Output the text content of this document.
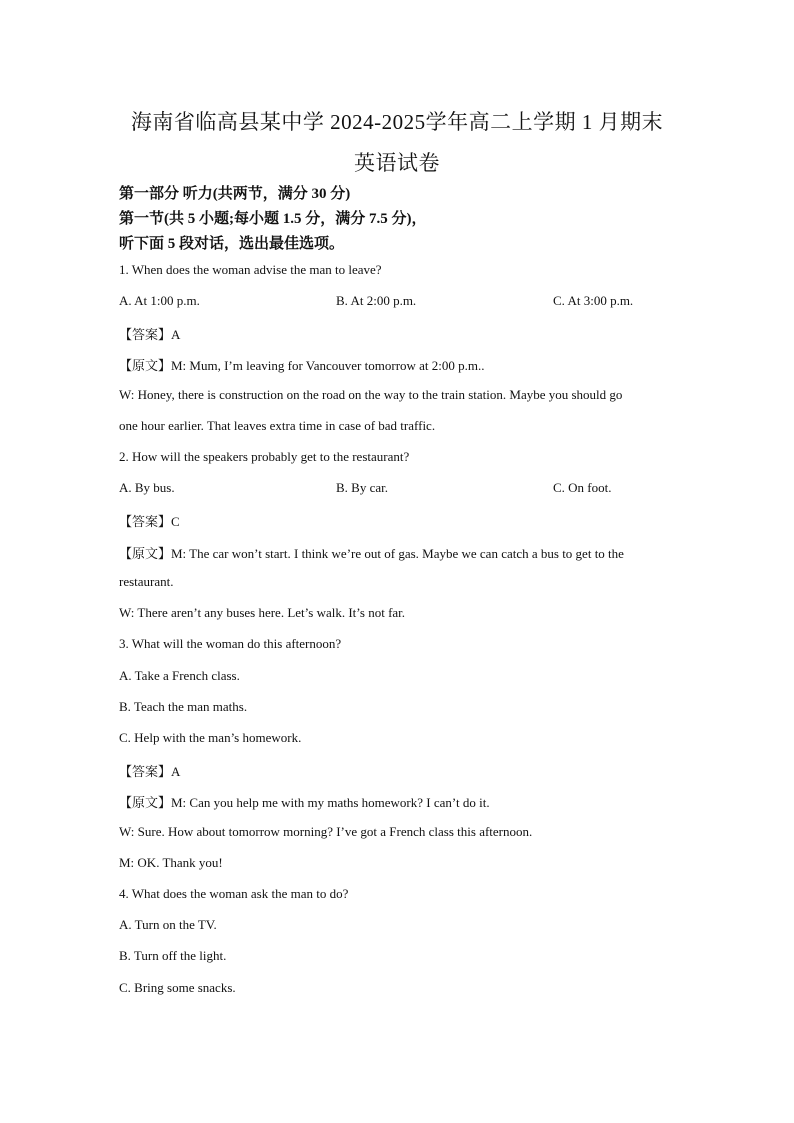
海南省临高县某中学 2024-2025学年高二上学期 1 月期末
英语试卷
第一部分 听力(共两节，满分 30 分)
第一节(共 5 小题;每小题 1.5 分，满分 7.5 分)，
听下面 5 段对话，选出最佳选项。
1. When does the woman advise the man to leave?
A. At 1:00 p.m.	B. At 2:00 p.m.	C. At 3:00 p.m.
【答案】A
【原文】M: Mum, I’m leaving for Vancouver tomorrow at 2:00 p.m..
W: Honey, there is construction on the road on the way to the train station. Maybe you should go
one hour earlier. That leaves extra time in case of bad traffic.
2. How will the speakers probably get to the restaurant?
A. By bus.	B. By car.	C. On foot.
【答案】C
【原文】M: The car won’t start. I think we’re out of gas. Maybe we can catch a bus to get to the
restaurant.
W: There aren’t any buses here. Let’s walk. It’s not far.
3. What will the woman do this afternoon?
A. Take a French class.
B. Teach the man maths.
C. Help with the man’s homework.
【答案】A
【原文】M: Can you help me with my maths homework? I can’t do it.
W: Sure. How about tomorrow morning? I’ve got a French class this afternoon.
M: OK. Thank you!
4. What does the woman ask the man to do?
A. Turn on the TV.
B. Turn off the light.
C. Bring some snacks.
